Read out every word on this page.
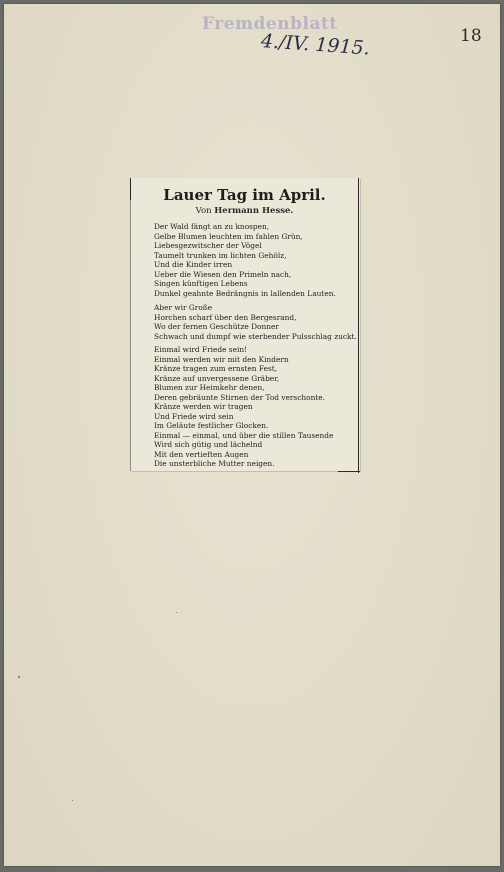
Fremdenblatt
4./IV. 1915.	18
Lauer Tag im April.
Von Hermann Hesse.
Der Wald fängt an zu knospen,
Gelbe Blumen leuchten im fahlen Grün,
Liebesgezwitscher der Vögel
Taumelt trunken im lichten Gehölz,
Und die Kinder irren
Ueber die Wiesen den Primeln nach,
Singen künftigen Lebens
Dunkel geahnte Bedrängnis in lallenden Lauten.
Aber wir Große
Horchen scharf über den Bergesrand,
Wo der fernen Geschütze Donner
Schwach und dumpf wie sterbender Pulsschlag zuckt.
Einmal wird Friede sein!
Einmal werden wir mit den Kindern
Kränze tragen zum ernsten Fest,
Kränze auf unvergessene Gräber,
Blumen zur Heimkehr denen,
Deren gebräunte Stirnen der Tod verschonte.
Kränze werden wir tragen
Und Friede wird sein
Im Geläute festlicher Glocken.
Einmal — einmal, und über die stillen Tausende
Wird sich gütig und lächelnd
Mit den vertieften Augen
Die unsterbliche Mutter neigen.
